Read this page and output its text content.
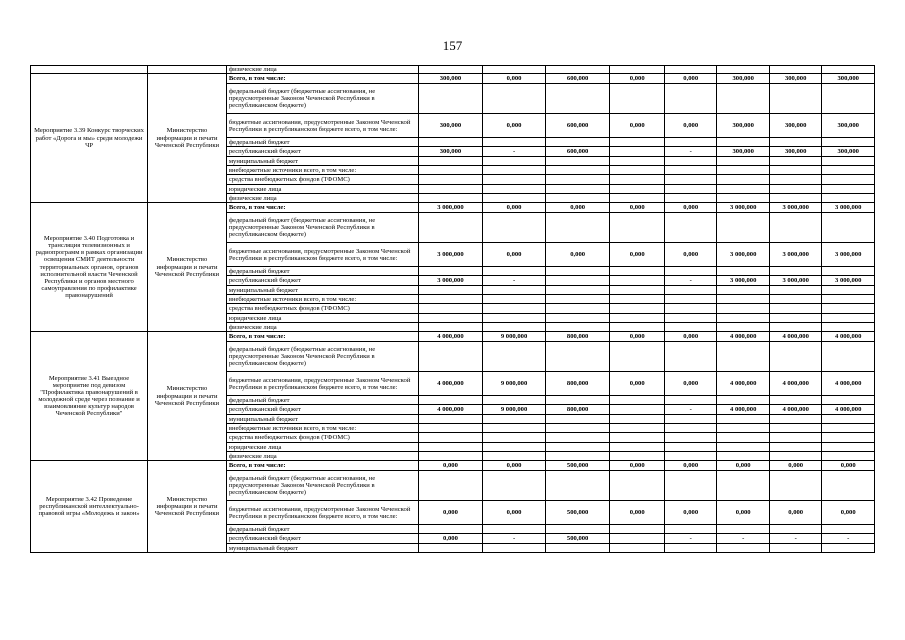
157
		физические лица								
Мероприятие 3.39 Конкурс творческих работ «Дорога и мы» среди молодежи ЧР	Министерство информации и печати Чеченской Республики	Всего, в том числе:	300,000	0,000	600,000	0,000	0,000	300,000	300,000	300,000
		федеральный бюджет (бюджетные ассигнования, не предусмотренные Законом Чеченской Республики в республиканском бюджете)								
		бюджетные ассигнования, предусмотренные Законом Чеченской Республики в республиканском бюджете всего, в том числе:	300,000	0,000	600,000	0,000	0,000	300,000	300,000	300,000
		федеральный бюджет								
		республиканский бюджет	300,000	-	600,000		-	300,000	300,000	300,000
		муниципальный бюджет								
		внебюджетные источники всего, в том числе:								
		средства внебюджетных фондов (ТФОМС)								
		юридические лица								
		физические лица								
Мероприятие 3.40 Подготовка и трансляция телевизионных и радиопрограмм в рамках организации освещения СМИТ деятельности территориальных органов, органов исполнительной власти Чеченской Республики и органов местного самоуправления по профилактике правонарушений	Министерство информации и печати Чеченской Республики	Всего, в том числе:	3 000,000	0,000	0,000	0,000	0,000	3 000,000	3 000,000	3 000,000
		федеральный бюджет (бюджетные ассигнования, не предусмотренные Законом Чеченской Республики в республиканском бюджете)								
		бюджетные ассигнования, предусмотренные Законом Чеченской Республики в республиканском бюджете всего, в том числе:	3 000,000	0,000	0,000	0,000	0,000	3 000,000	3 000,000	3 000,000
		федеральный бюджет								
		республиканский бюджет	3 000,000	-			-	3 000,000	3 000,000	3 000,000
		муниципальный бюджет								
		внебюджетные источники всего, в том числе:								
		средства внебюджетных фондов (ТФОМС)								
		юридические лица								
		физические лица								
Мероприятие 3.41 Выездное мероприятие под девизом "Профилактика правонарушений в молодежной среде через познание и взаимовлияние культур народов Чеченской Республики"	Министерство информации и печати Чеченской Республики	Всего, в том числе:	4 000,000	9 000,000	800,000	0,000	0,000	4 000,000	4 000,000	4 000,000
		федеральный бюджет (бюджетные ассигнования, не предусмотренные Законом Чеченской Республики в республиканском бюджете)								
		бюджетные ассигнования, предусмотренные Законом Чеченской Республики в республиканском бюджете всего, в том числе:	4 000,000	9 000,000	800,000	0,000	0,000	4 000,000	4 000,000	4 000,000
		федеральный бюджет								
		республиканский бюджет	4 000,000	9 000,000	800,000		-	4 000,000	4 000,000	4 000,000
		муниципальный бюджет								
		внебюджетные источники всего, в том числе:								
		средства внебюджетных фондов (ТФОМС)								
		юридические лица								
		физические лица								
Мероприятие 3.42 Проведение республиканской интеллектуально-правовой игры «Молодежь и закон»	Министерство информации и печати Чеченской Республики	Всего, в том числе:	0,000	0,000	500,000	0,000	0,000	0,000	0,000	0,000
		федеральный бюджет (бюджетные ассигнования, не предусмотренные Законом Чеченской Республики в республиканском бюджете)								
		бюджетные ассигнования, предусмотренные Законом Чеченской Республики в республиканском бюджете всего, в том числе:	0,000	0,000	500,000	0,000	0,000	0,000	0,000	0,000
		федеральный бюджет								
		республиканский бюджет	0,000	-	500,000		-	-	-	-
		муниципальный бюджет								
